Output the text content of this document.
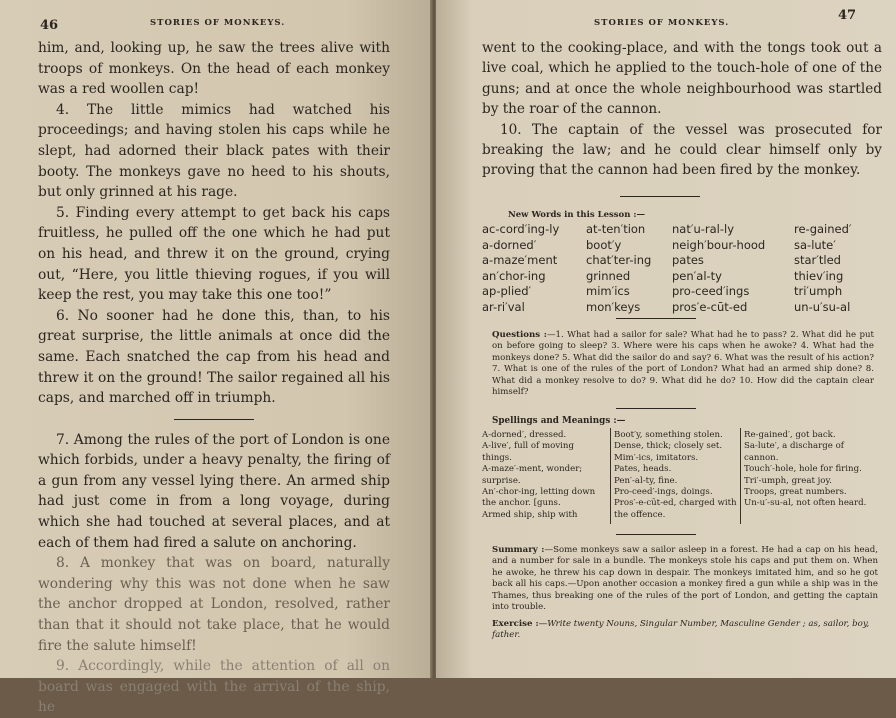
46	STORIES OF MONKEYS.

him, and, looking up, he saw the trees alive with troops of monkeys. On the head of each monkey was a red woollen cap!

4. The little mimics had watched his proceedings; and having stolen his caps while he slept, had adorned their black pates with their booty. The monkeys gave no heed to his shouts, but only grinned at his rage.

5. Finding every attempt to get back his caps fruitless, he pulled off the one which he had put on his head, and threw it on the ground, crying out, “Here, you little thieving rogues, if you will keep the rest, you may take this one too!”

6. No sooner had he done this, than, to his great surprise, the little animals at once did the same. Each snatched the cap from his head and threw it on the ground! The sailor regained all his caps, and marched off in triumph.

7. Among the rules of the port of London is one which forbids, under a heavy penalty, the firing of a gun from any vessel lying there. An armed ship had just come in from a long voyage, during which she had touched at several places, and at each of them had fired a salute on anchoring.

8. A monkey that was on board, naturally wondering why this was not done when he saw the anchor dropped at London, resolved, rather than that it should not take place, that he would fire the salute himself!

9. Accordingly, while the attention of all on board was engaged with the arrival of the ship, he

STORIES OF MONKEYS.	47

went to the cooking-place, and with the tongs took out a live coal, which he applied to the touch-hole of one of the guns; and at once the whole neighbourhood was startled by the roar of the cannon.

10. The captain of the vessel was prosecuted for breaking the law; and he could clear himself only by proving that the cannon had been fired by the monkey.

New Words in this Lesson :—
ac-cord′ing-ly
a-dorned′
a-maze′ment
an′chor-ing
ap-plied′
ar-ri′val
at-ten′tion
boot′y
chat′ter-ing
grinned
mim′ics
mon′keys
nat′u-ral-ly
neigh′bour-hood
pates
pen′al-ty
pro-ceed′ings
pros′e-cūt-ed
re-gained′
sa-lute′
star′tled
thiev′ing
tri′umph
un-u′su-al
Questions :—1. What had a sailor for sale? What had he to pass? 2. What did he put on before going to sleep? 3. Where were his caps when he awoke? 4. What had the monkeys done? 5. What did the sailor do and say? 6. What was the result of his action? 7. What is one of the rules of the port of London? What had an armed ship done? 8. What did a monkey resolve to do? 9. What did he do? 10. How did the captain clear himself?
Spellings and Meanings :—
A-dorned′, dressed.
A-live′, full of moving things.
A-maze′-ment, wonder; surprise.
An′-chor-ing, letting down the anchor. [guns.
Armed ship, ship with
Boot′y, something stolen.
Dense, thick; closely set.
Mim′-ics, imitators.
Pates, heads.
Pen′-al-ty, fine.
Pro-ceed′-ings, doings.
Pros′-e-cūt-ed, charged with the offence.
Re-gained′, got back.
Sa-lute′, a discharge of cannon.
Touch′-hole, hole for firing.
Tri′-umph, great joy.
Troops, great numbers.
Un-u′-su-al, not often heard.
Summary :—Some monkeys saw a sailor asleep in a forest. He had a cap on his head, and a number for sale in a bundle. The monkeys stole his caps and put them on. When he awoke, he threw his cap down in despair. The monkeys imitated him, and so he got back all his caps.—Upon another occasion a monkey fired a gun while a ship was in the Thames, thus breaking one of the rules of the port of London, and getting the captain into trouble.
Exercise :—Write twenty Nouns, Singular Number, Masculine Gender ; as, sailor, boy, father.
